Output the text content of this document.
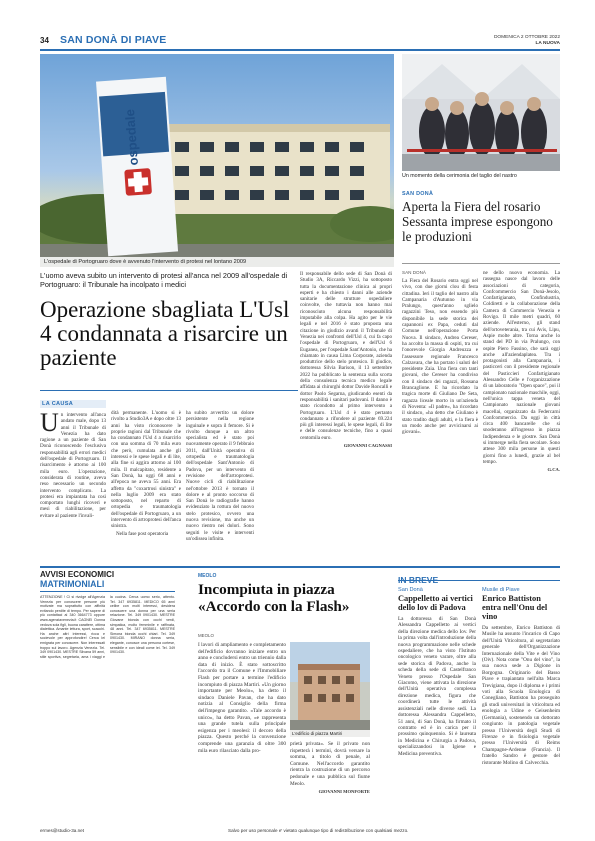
34 SAN DONÀ DI PIAVE	DOMENICA 2 OTTOBRE 2022
LA NUOVA
ospedale
L'ospedale di Portogruaro dove è avvenuto l'intervento di protesi nel lontano 2009
Un momento della cerimonia del taglio del nastro
SAN DONÀ
Aperta la Fiera del rosario Sessanta imprese espongono le produzioni
L'uomo aveva subito un intervento di protesi all'anca nel 2009 all'ospedale di Portogruaro: il Tribunale ha incolpato i medici
Operazione sbagliata L'Usl 4 condannata a risarcire un paziente
LA CAUSA
Un intervento all'anca andato male, dopo 13 anni il Tribunale di Venezia ha dato ragione a un paziente di San Donà riconoscendo l'esclusiva responsabilità agli errori medici dell'ospedale di Portogruaro. Il risarcimento è attorno ai 100 mila euro. L'operazione, considerata di routine, aveva reso necessario un secondo intervento complicato. La protesi era impiantata ha così comportato lunghi ricoveri e mesi di riabilitazione, per evitare al paziente l'invali-
dità permanente. L'uomo si è rivolto a Studio3A e dopo oltre 13 anni ha visto riconoscere le proprie ragioni dal Tribunale che ha condannato l'Usl 4 a risarcirlo con una somma di 70 mila euro che però, cumulata anche gli interessi e le spese legali e di lite, alla fine si aggira attorno ai 100 mila. Il malcapitato, residente a San Donà, ha oggi 68 anni e all'epoca ne aveva 55 anni. Era affetto da "coxartrosi sinistra" e nella luglio 2009 era stato sottoposto, nel reparto di ortopedia e traumatologia dell'ospedale di Portogruaro, a un intervento di artroprotesi dell'anca sinistra.
Nella fase post operatoria
ha subito avvertito un dolore persistente nella regione inguinale e sopra il femore. Si è rivolto dunque a un altro specialista ed è stato poi nuovamente operato il 9 febbraio 2011, dall'Unità operativa di ortopedia e traumatologia dell'ospedale Sant'Antonio di Padova, per un intervento di revisione dell'artroprotesi. Nuove cicli di riabilitazione nel'ottobre 2013 è tornato il dolore e al pronto soccorso di San Donà le radiografie hanno evidenziato la rottura del nuovo stelo protesico, ovvero una nuova revisione, ma anche un nuovo rientro nei dolori. Sono seguiti le visite e interventi un'odissea infinita.
Il responsabile dello sede di San Donà di Studio 3A, Riccardo Vizzi, ha sottoposto tutta la documentazione clinica ai propri esperti e ha chiesto i danni alle aziende sanitarie delle strutture ospedaliere coinvolte, che tuttavia non hanno mai riconosciuto alcuna responsabilità imputabile alla colpa. Ha agito per le vie legali e nel 2016 è stato proposta una citazione in giudizio avanti il Tribunale di Venezia nei confronti dell'Usl 4, cui fa capo l'ospedale di Portogruaro, e dell'Usl 6 Euganea, per l'ospedale Sant'Antonio, che ha chiamato in causa Lima Corporate, azienda produttrice dello stelo protesico. Il giudice, dottoressa Silvia Barison, il 13 settembre 2022 ha pubblicato la sentenza sulla scorta della consulenza tecnica medico legale affidata ai chirurghi dottor Davide Roncalli e dottor Paolo Segarna, giudicando esenti da responsabilità i sanitari padovani. Il danno è stato ricondotto al primo intervento a Portogruaro. L'Usl 4 è stato pertanto condannato a rifondere al paziente 69.224 più gli interessi legali, le spese legali, di lite e delle consulenze tecniche, fino a quasi centomila euro.
GIOVANNI CAGNASSI
SAN DONÀ
La Fiera del Rosario entra oggi nel vivo, con due giorni clou di festa cittadina. Ieri il taglio del nastro alla Campanaria d'Autunno in via Pralungo, quest'anno sglielo ragazzini Teso, non essendo più disponibile la sede storica dei capannoni ex Papa, ceduti dal Comune nell'operazione Porta Nuova. Il sindaco, Andrea Cereser, ha accolto la massa di ospiti, tra cui l'onorevole Giorgia Andreuzza e l'assessore regionale Francesco Calzavara, che ha portato i saluti del presidente Zaia. Una fiera con tanti giovani, che Cereser ha condiviso con il sindaco dei ragazzi, Rossana Brancaglione. E ha ricordato la tragica morte di Giuliano De Seta, ragazza liceale morto in un'azienda di Noventa: «Il padre», ha ricordato il sindaco, «ha detto che Giuliano è stato tradito dagli adulti, e la fiera è un modo anche per avvicinarsi ai giovani».
ne dello nuovo economia. La rassegna nasce dal lavoro delle associazioni di categoria, Confcommercio San Donà-Jesolo, Confartigianato, Confindustria, Coldiretti e la collaborazione della Camera di Commercio Venezia e Rovigo. Il mile metri quadri, 60 aziende. All'esterno, gli stand dell'ortoveterania, tra cui Avis, Lipu, Aspie molte altre. Torna anche lo stand del PD in via Pralungo, con ospite Piero Fassino, che sarà oggi anche all'aziendaplatea. Tra i protagonisti alla Campanaria, i pasticceri con il presidente regionale del Pasticcieri Confartigianato Alessandro Celle e l'organizzazione di un laboratorio "Open space", poi il campionato nazionale maschile, oggi, nell'unica tappa veneta del Campionato nazionale giovani macellai, organizzato da Federcarni Confcommercio. Da oggi in città circa 400 bancarelle che si snoderanno all'ingresso in piazza Indipendenza e le giostre. San Donà si immerge nella fiera secolare. Sono attese 300 mila persone in questi giorni fino a lunedì, grazie al bel tempo.
G.CA.
AVVISI ECONOMICI
MATRIMONIALI
ATTENZIONE ! Ci si rivolge all'Agenzia Venezia per conoscere persone più motivate ma soprattutto con affinità evitando perdite di tempo. Per sapere di più contattaci al 340 3664773 oppure www.agenziavenezia.it CAGNEI Donna vedova sola figli, buona carattere, ottima dialettica. Amante lettura, sport, scacchi. Ha anche altri interessi, ricca e socievole per approfondire! Cerca lei emigrata per conoscere. Non interessati troppo sul lavoro. Agenzia Venezia. Tel. 349 0901430. MESTRE Silvana 59 anni, stile sportiva, segretaria, ama i viaggi e la cucina. Cerca uomo serio, attento. Tel. 347 6935811. MEDICO 65 anni celibe con molti interessi, desidera conoscere una donna per una seria relazione. Tel. 349 0901430. MESTRE Giovane bionda con occhi verdi, simpatica, molto femminile e raffinata, 48 anni. Tel. 347 6935811. MESTRE Simona bionda occhi chiari. Tel. 349 0901430. MIRANO donna seria, elegante, conosce una persona cortese, sensibile e con ideali come lei. Tel. 349 0901430.
MEOLO
Incompiuta in piazza «Accordo con la Flash»
MEOLO
I lavori di ampliamento e completamento dell'edificio dovranno iniziare entro un anno e concludersi entro un triennio dalla data di inizio. È stato sottoscritto l'accordo tra il Comune e l'Immobiliare Flash per portare a termine l'edificio incompiuto di piazza Martiri. «Un giorno importante per Meolo», ha detto il sindaco Daniele Pavan, che ha dato notizia al Consiglio della firma dell'impegno garantito. «Tale accordo è unico», ha detto Pavan, «e rappresenta una grande tutela sulla principale esigenza per i meolesi: il decoro della piazza. Questo perché la convenzione comprende una garanzia di oltre 300 mila euro rilasciato dalla pro-
L'edificio di piazza Martiri
prietà privata». Se il privato non rispetterà i termini, dovrà versare la somma, a titolo di penale, al Comune. Nell'accordo garantito rientra la costruzione di un percorso pedonale e una pubblica sul fiume Meolo.
GIOVANNI MONFORTE
IN BREVE
San Donà
Cappelletto ai vertici dello lov di Padova
La dottoressa di San Donà Alessandra Cappelletto ai vertici della direzione medica dello Iov. Per la prima volta dall'introduzione della nuova programmazione nelle schede ospedaliere, che ha visto l'Istituto oncologico veneto varare, oltre alla sede storica di Padova, anche la scheda della sede di Castelfranco Veneto presso l'Ospedale San Giacomo, viene attivata la direzione dell'Unità operativa complessa direzione medica, figura che coordinerà tutte le attività assistenziali nelle diverse sedi. La dottoressa Alessandra Cappelletto, 51 anni, di San Donà, ha firmato il contratto ed è in carica per il prossimo quinquennio. Si è laureata in Medicina e Chirurgia a Padova, specializzandosi in Igiene e Medicina preventiva.
Musile di Piave
Enrico Battiston entra nell'Onu del vino
Da settembre, Enrico Battiston di Musile ha assunto l'incarico di Capo dell'Unità Viticoltura, al segretariato generale dell'Organizzazione Internazionale della Vite e del Vino (Oiv). Nota come "Onu del vino", la sua nuova sede a Digione in Borgogna. Originario del Basso Piave e trapiantato nell'alta Marca Trevigiana, dopo il diploma e i primi voti alla Scuola Enologica di Conegliano, Battiston ha proseguito gli studi universitari in viticoltura ed enologia a Udine e Geisenheim (Germania), sostenendo un dottorato congiunto in patologia vegetale presso l'Università degli Studi di Firenze e in fisiologia vegetale presso l'Università di Reims Champagne-Ardenne (Francia). Il fratello Sandro è gestore del ristorante Molino di Calvecchia.
ermes@studio-3a.net	Salvo per uso personale e' vietato qualunque tipo di redistribuzione con qualsiasi mezzo.
